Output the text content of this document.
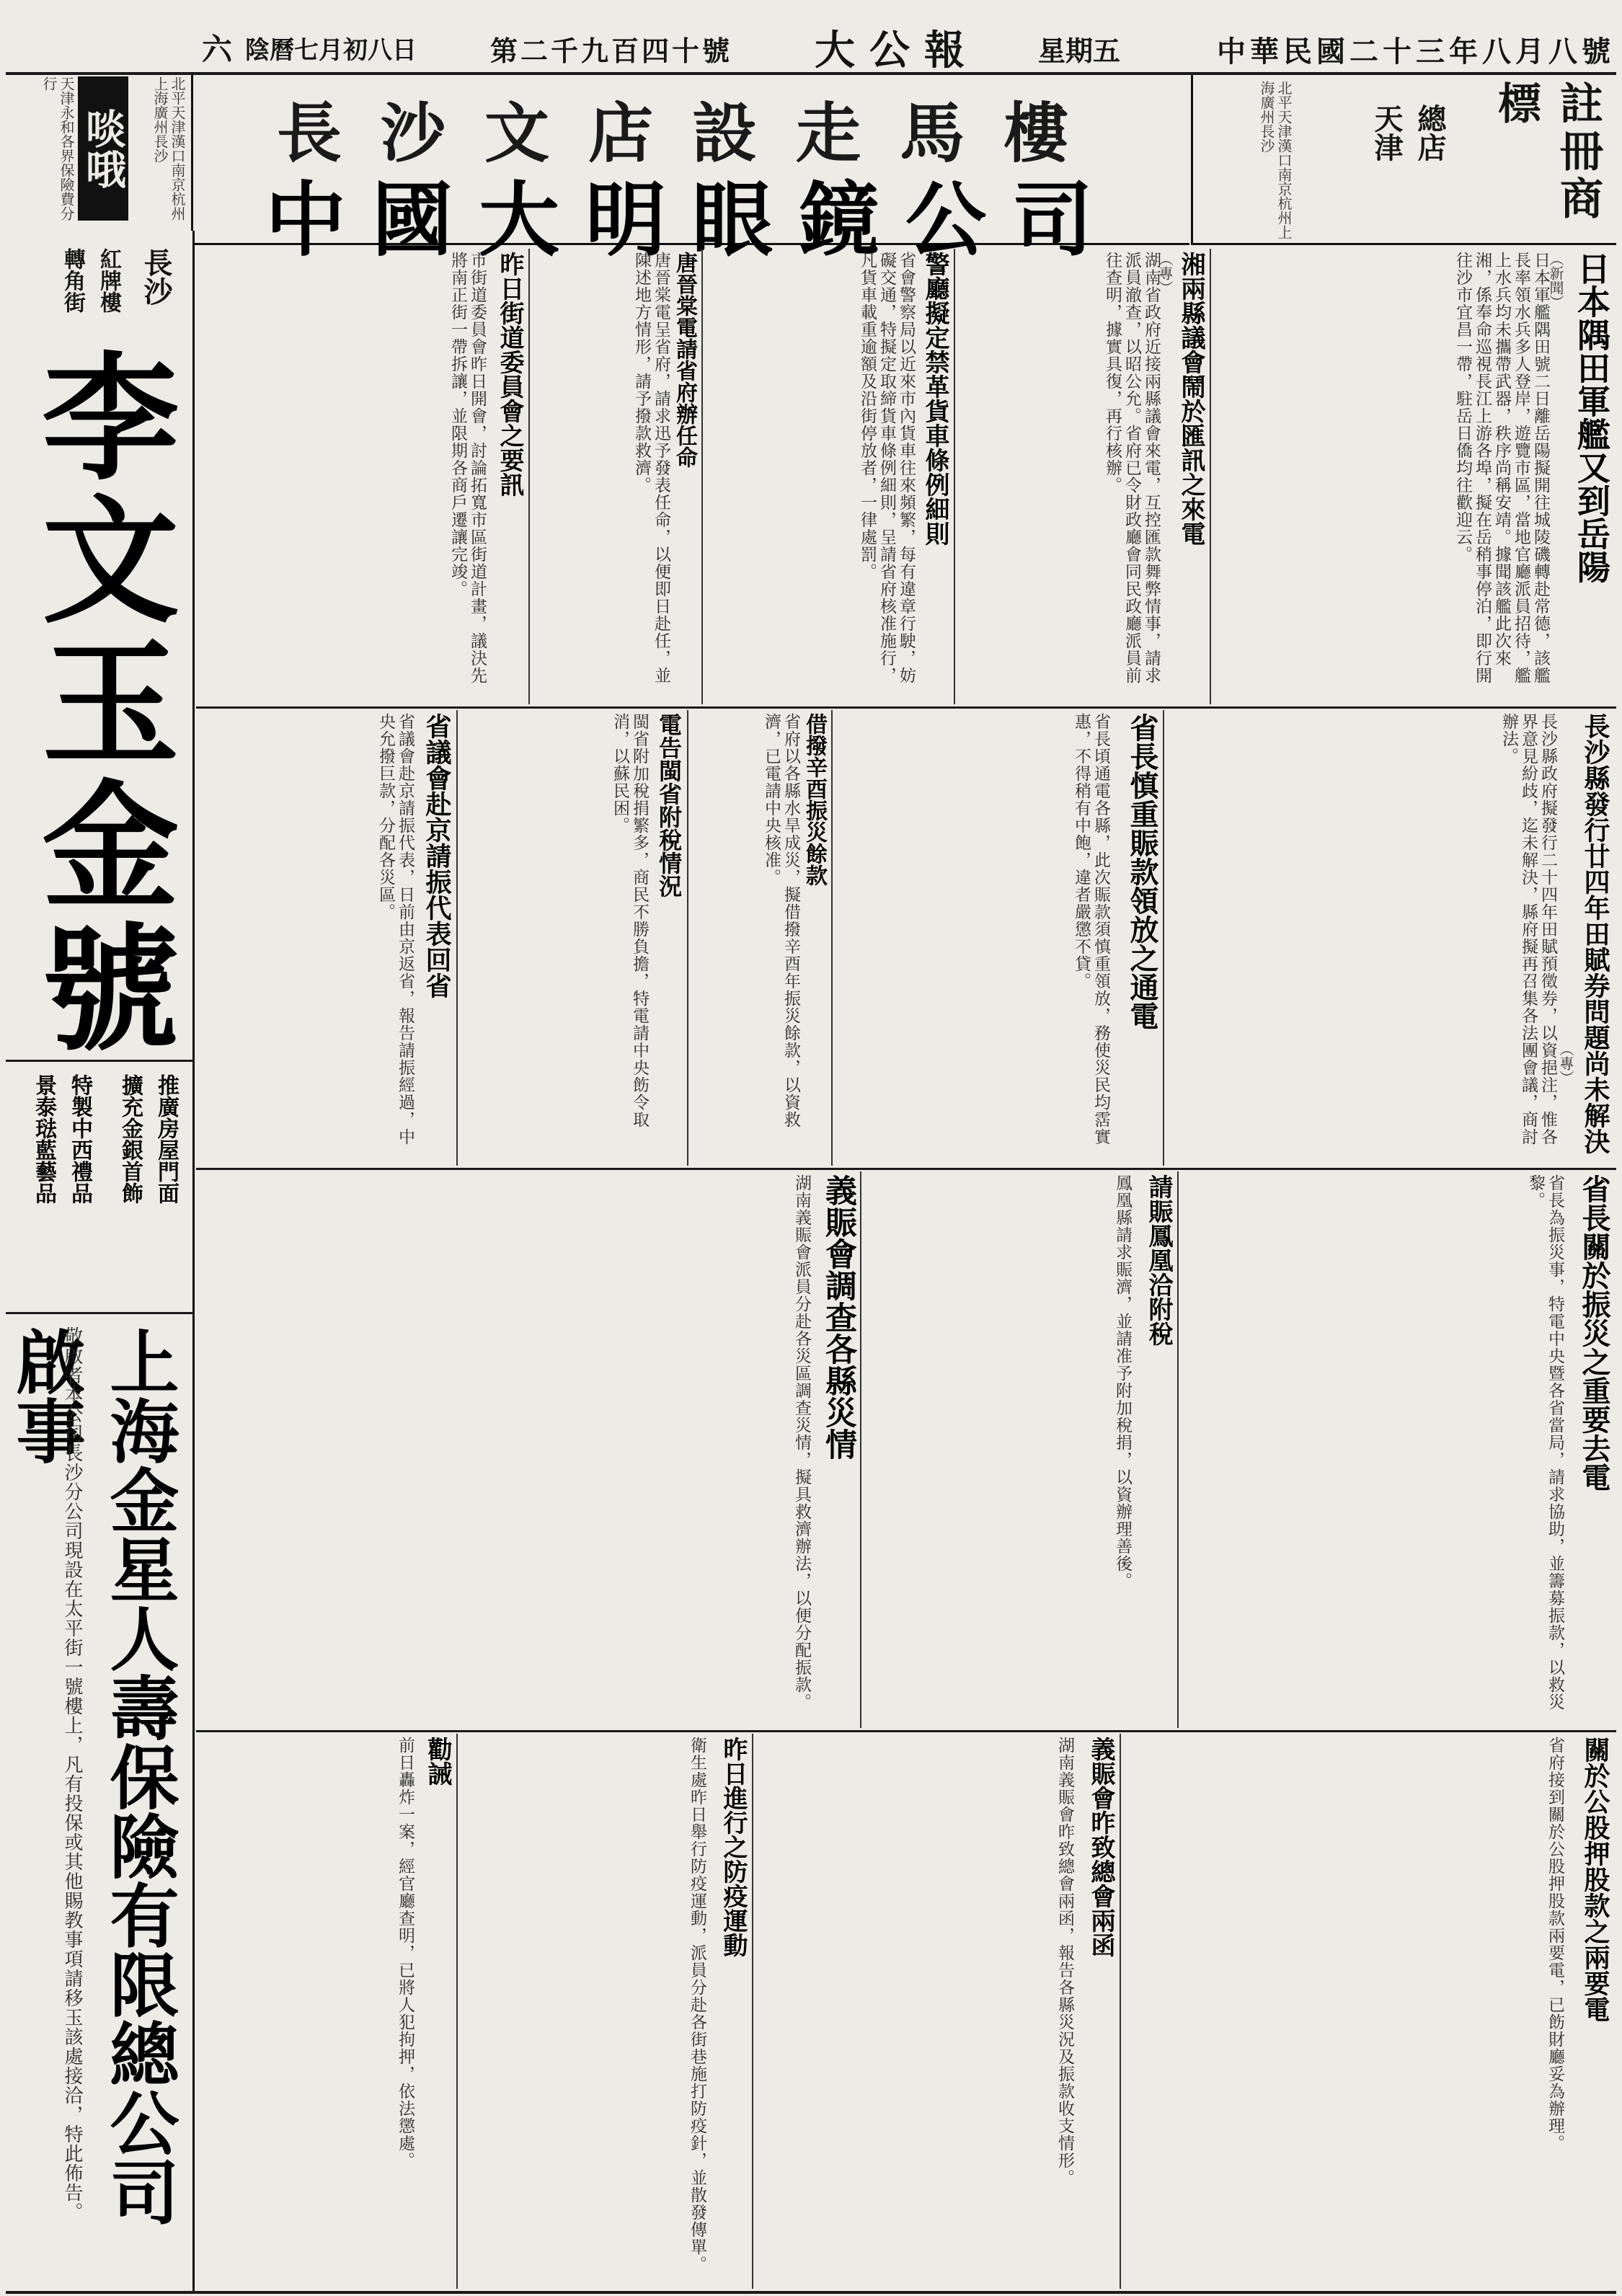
中華民國二十三年八月八號
星期五
大公報
第二千九百四十號
陰曆七月初八日
六
天津永和各界保險費分行
啖哦	北平天津漢口南京杭州上海廣州長沙	長沙文店設走馬樓
中國大明眼鏡公司	北平天津漢口南京杭州上海廣州長沙	天津 總店	註冊商標
長沙
紅牌樓
轉角街
李文玉金號
推廣房屋門面
擴充金銀首飾
特製中西禮品
景泰琺藍藝品
上海金星人壽保險有限總公司啟事
敬啟者本公司長沙分公司現設在太平街一號樓上，凡有投保或其他賜教事項請移玉該處接洽，特此佈告。
日本隅田軍艦又到岳陽
（新聞）
日本軍艦隅田號二日離岳陽擬開往城陵磯轉赴常德，該艦長率領水兵多人登岸，遊覽市區，當地官廳派員招待，艦上水兵均未攜帶武器，秩序尚稱安靖。據聞該艦此次來湘，係奉命巡視長江上游各埠，擬在岳稍事停泊，即行開往沙市宜昌一帶，駐岳日僑均往歡迎云。
湘兩縣議會鬧於匯訊之來電
（專）
湖南省政府近接兩縣議會來電，互控匯款舞弊情事，請求派員澈查，以昭公允。省府已令財政廳會同民政廳派員前往查明，據實具復，再行核辦。
警廳擬定禁革貨車條例細則
省會警察局以近來市內貨車往來頻繁，每有違章行駛，妨礙交通，特擬定取締貨車條例細則，呈請省府核准施行，凡貨車載重逾額及沿街停放者，一律處罰。
唐晉棠電請省府辦任命
唐晉棠電呈省府，請求迅予發表任命，以便即日赴任，並陳述地方情形，請予撥款救濟。
昨日街道委員會之要訊
市街道委員會昨日開會，討論拓寬市區街道計畫，議決先將南正街一帶拆讓，並限期各商戶遷讓完竣。
長沙縣發行廿四年田賦券問題尚未解決
（專）
長沙縣政府擬發行二十四年田賦預徵券，以資挹注，惟各界意見紛歧，迄未解決，縣府擬再召集各法團會議，商討辦法。
省長慎重賑款領放之通電
省長頃通電各縣，此次賑款須慎重領放，務使災民均霑實惠，不得稍有中飽，違者嚴懲不貸。
借撥辛酉振災餘款
省府以各縣水旱成災，擬借撥辛酉年振災餘款，以資救濟，已電請中央核准。
電告閩省附稅情況
閩省附加稅捐繁多，商民不勝負擔，特電請中央飭令取消，以蘇民困。
省議會赴京請振代表回省
省議會赴京請振代表，日前由京返省，報告請振經過，中央允撥巨款，分配各災區。
省長關於振災之重要去電
省長為振災事，特電中央暨各省當局，請求協助，並籌募振款，以救災黎。
請賑鳳凰洽附稅
鳳凰縣請求賑濟，並請准予附加稅捐，以資辦理善後。
義賑會調查各縣災情
湖南義賑會派員分赴各災區調查災情，擬具救濟辦法，以便分配振款。
關於公股押股款之兩要電
省府接到關於公股押股款兩要電，已飭財廳妥為辦理。
義賑會昨致總會兩函
湖南義賑會昨致總會兩函，報告各縣災況及振款收支情形。
昨日進行之防疫運動
衛生處昨日舉行防疫運動，派員分赴各街巷施打防疫針，並散發傳單。
勸誡
前日轟炸一案，經官廳查明，已將人犯拘押，依法懲處。
